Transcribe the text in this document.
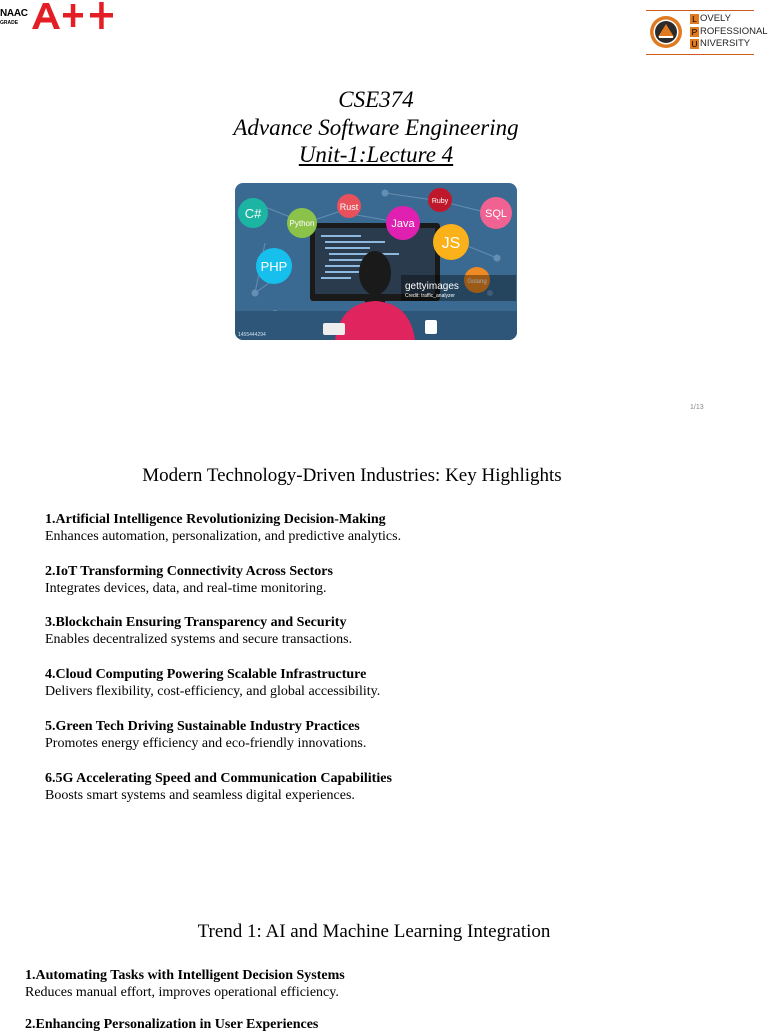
NAAC
GRADE	L OVELY
P ROFESSIONAL
U NIVERSITY
CSE374
Advance Software Engineering
Unit-1:Lecture 4
C#
Python
Rust
Java
Ruby
SQL
JS
PHP
Golang
gettyimages
Credit: traffic_analyzer
1455444294
1/13
Modern Technology-Driven Industries: Key Highlights
1.Artificial Intelligence Revolutionizing Decision-Making
Enhances automation, personalization, and predictive analytics.
2.IoT Transforming Connectivity Across Sectors
Integrates devices, data, and real-time monitoring.
3.Blockchain Ensuring Transparency and Security
Enables decentralized systems and secure transactions.
4.Cloud Computing Powering Scalable Infrastructure
Delivers flexibility, cost-efficiency, and global accessibility.
5.Green Tech Driving Sustainable Industry Practices
Promotes energy efficiency and eco-friendly innovations.
6.5G Accelerating Speed and Communication Capabilities
Boosts smart systems and seamless digital experiences.
Trend 1: AI and Machine Learning Integration
1.Automating Tasks with Intelligent Decision Systems
Reduces manual effort, improves operational efficiency.
2.Enhancing Personalization in User Experiences
